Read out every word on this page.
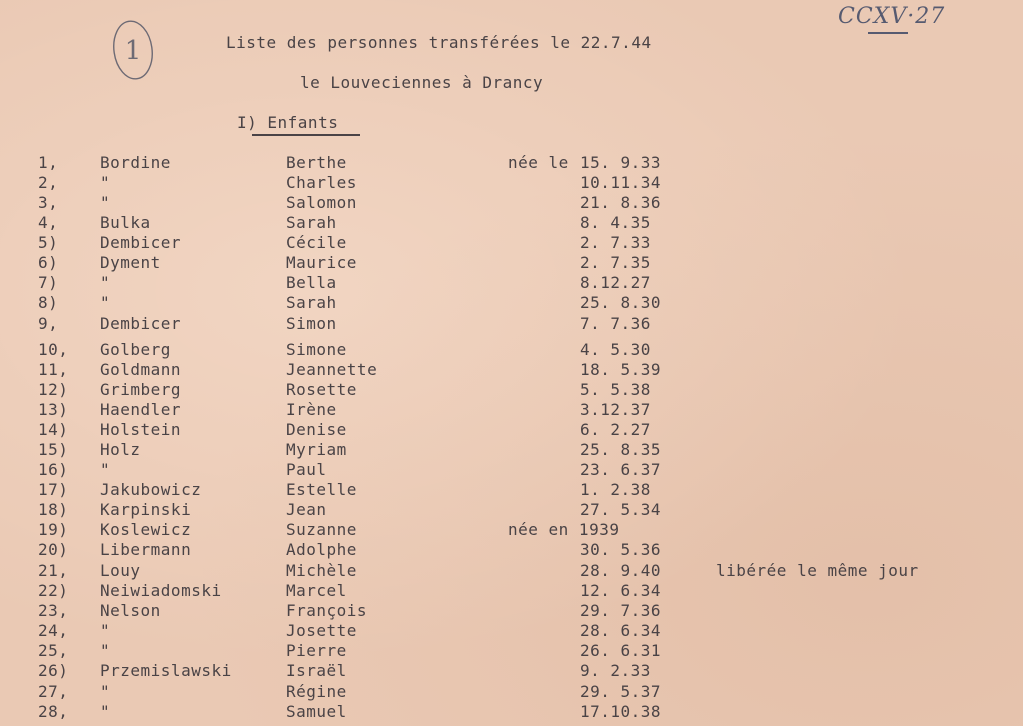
CCXV·27
1	Liste des personnes transférées le 22.7.44
le Louveciennes à Drancy
I) Enfants
1,	Bordine	Berthe	née le 15. 9.33
2,	"	Charles	10.11.34
3,	"	Salomon	21. 8.36
4,	Bulka	Sarah	8. 4.35
5)	Dembicer	Cécile	2. 7.33
6)	Dyment	Maurice	2. 7.35
7)	"	Bella	8.12.27
8)	"	Sarah	25. 8.30
9,	Dembicer	Simon	7. 7.36
10, Golberg	Simone	4. 5.30
11, Goldmann	Jeannette	18. 5.39
12) Grimberg	Rosette	5. 5.38
13) Haendler	Irène	3.12.37
14) Holstein	Denise	6. 2.27
15) Holz	Myriam	25. 8.35
16) "	Paul	23. 6.37
17) Jakubowicz	Estelle	1. 2.38
18) Karpinski	Jean	27. 5.34
19) Koslewicz	Suzanne	née en 1939
20) Libermann	Adolphe	30. 5.36
21, Louy	Michèle	28. 9.40	libérée le même jour
22) Neiwiadomski	Marcel	12. 6.34
23, Nelson	François	29. 7.36
24, "	Josette	28. 6.34
25, "	Pierre	26. 6.31
26) Przemislawski	Israël	9. 2.33
27, "	Régine	29. 5.37
28, "	Samuel	17.10.38
